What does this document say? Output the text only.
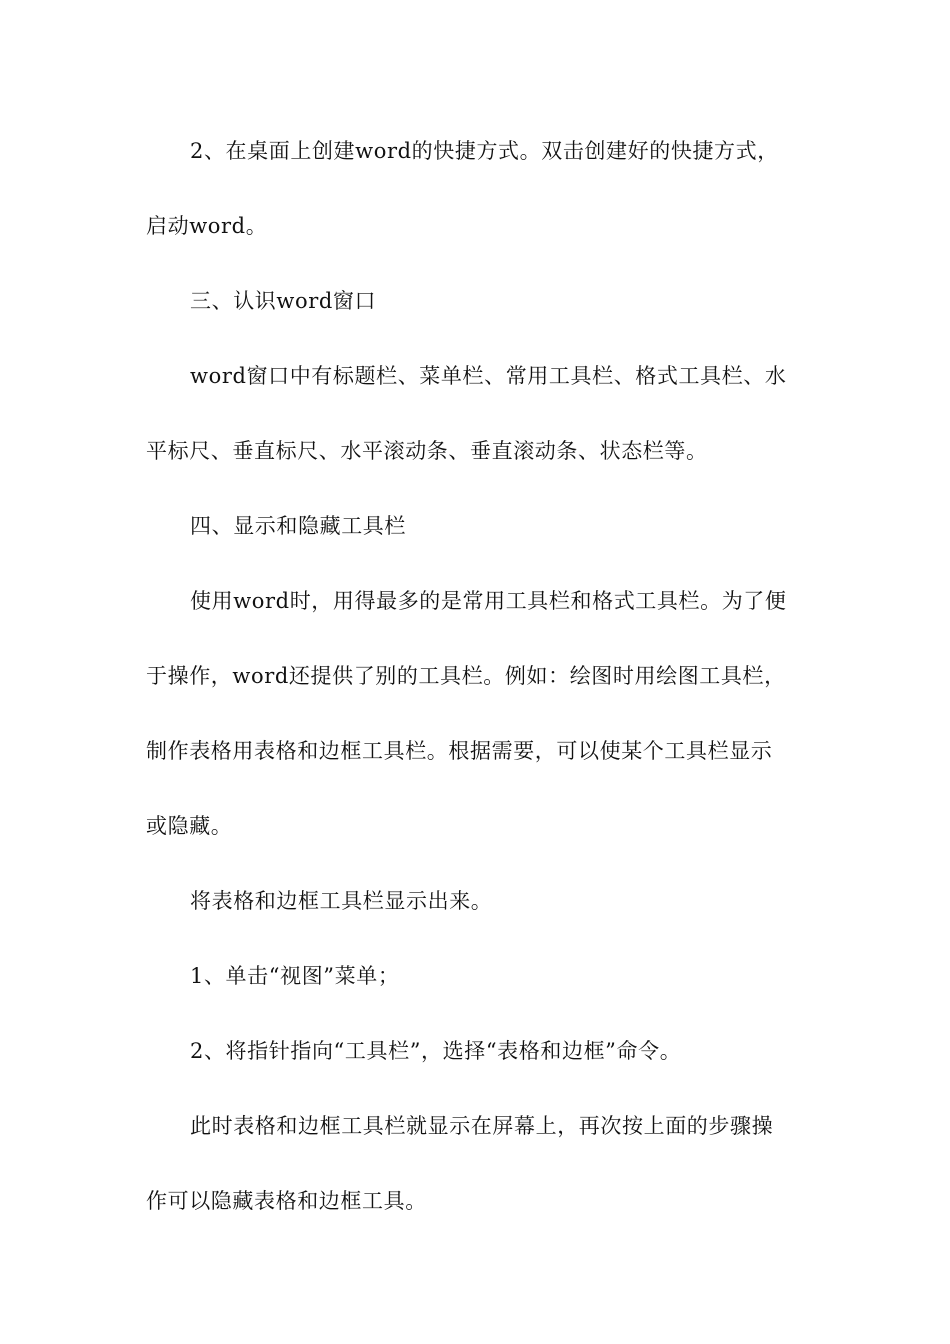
2、在桌面上创建word的快捷方式。双击创建好的快捷方式，
启动word。
三、认识word窗口
word窗口中有标题栏、菜单栏、常用工具栏、格式工具栏、水
平标尺、垂直标尺、水平滚动条、垂直滚动条、状态栏等。
四、显示和隐藏工具栏
使用word时，用得最多的是常用工具栏和格式工具栏。为了便
于操作，word还提供了别的工具栏。例如：绘图时用绘图工具栏，
制作表格用表格和边框工具栏。根据需要，可以使某个工具栏显示
或隐藏。
将表格和边框工具栏显示出来。
1、单击“视图”菜单；
2、将指针指向“工具栏”，选择“表格和边框”命令。
此时表格和边框工具栏就显示在屏幕上，再次按上面的步骤操
作可以隐藏表格和边框工具。
